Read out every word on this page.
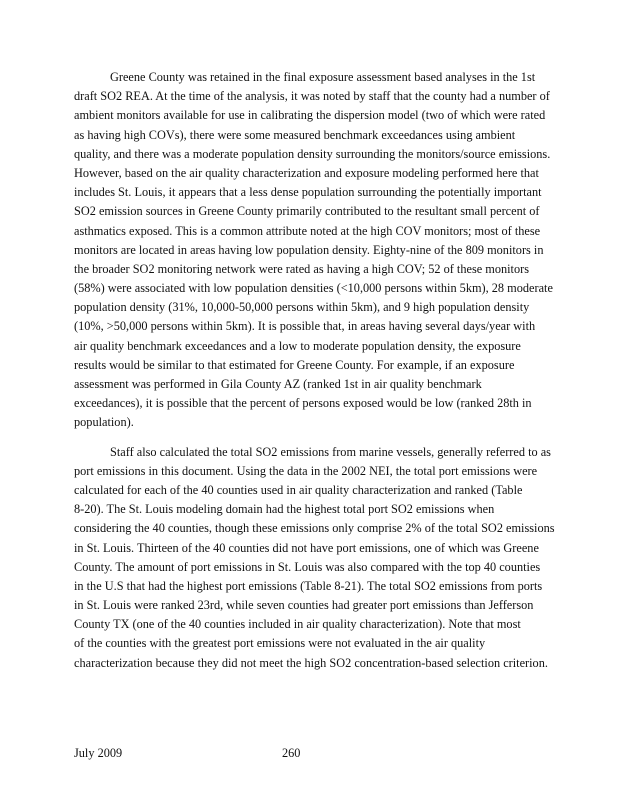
Greene County was retained in the final exposure assessment based analyses in the 1st
draft SO2 REA. At the time of the analysis, it was noted by staff that the county had a number of
ambient monitors available for use in calibrating the dispersion model (two of which were rated
as having high COVs), there were some measured benchmark exceedances using ambient
quality, and there was a moderate population density surrounding the monitors/source emissions.
However, based on the air quality characterization and exposure modeling performed here that
includes St. Louis, it appears that a less dense population surrounding the potentially important
SO2 emission sources in Greene County primarily contributed to the resultant small percent of
asthmatics exposed. This is a common attribute noted at the high COV monitors; most of these
monitors are located in areas having low population density. Eighty-nine of the 809 monitors in
the broader SO2 monitoring network were rated as having a high COV; 52 of these monitors
(58%) were associated with low population densities (<10,000 persons within 5km), 28 moderate
population density (31%, 10,000-50,000 persons within 5km), and 9 high population density
(10%, >50,000 persons within 5km). It is possible that, in areas having several days/year with
air quality benchmark exceedances and a low to moderate population density, the exposure
results would be similar to that estimated for Greene County. For example, if an exposure
assessment was performed in Gila County AZ (ranked 1st in air quality benchmark
exceedances), it is possible that the percent of persons exposed would be low (ranked 28th in
population).
Staff also calculated the total SO2 emissions from marine vessels, generally referred to as
port emissions in this document. Using the data in the 2002 NEI, the total port emissions were
calculated for each of the 40 counties used in air quality characterization and ranked (Table
8-20). The St. Louis modeling domain had the highest total port SO2 emissions when
considering the 40 counties, though these emissions only comprise 2% of the total SO2 emissions
in St. Louis. Thirteen of the 40 counties did not have port emissions, one of which was Greene
County. The amount of port emissions in St. Louis was also compared with the top 40 counties
in the U.S that had the highest port emissions (Table 8-21). The total SO2 emissions from ports
in St. Louis were ranked 23rd, while seven counties had greater port emissions than Jefferson
County TX (one of the 40 counties included in air quality characterization). Note that most
of the counties with the greatest port emissions were not evaluated in the air quality
characterization because they did not meet the high SO2 concentration-based selection criterion.
July 2009	260
